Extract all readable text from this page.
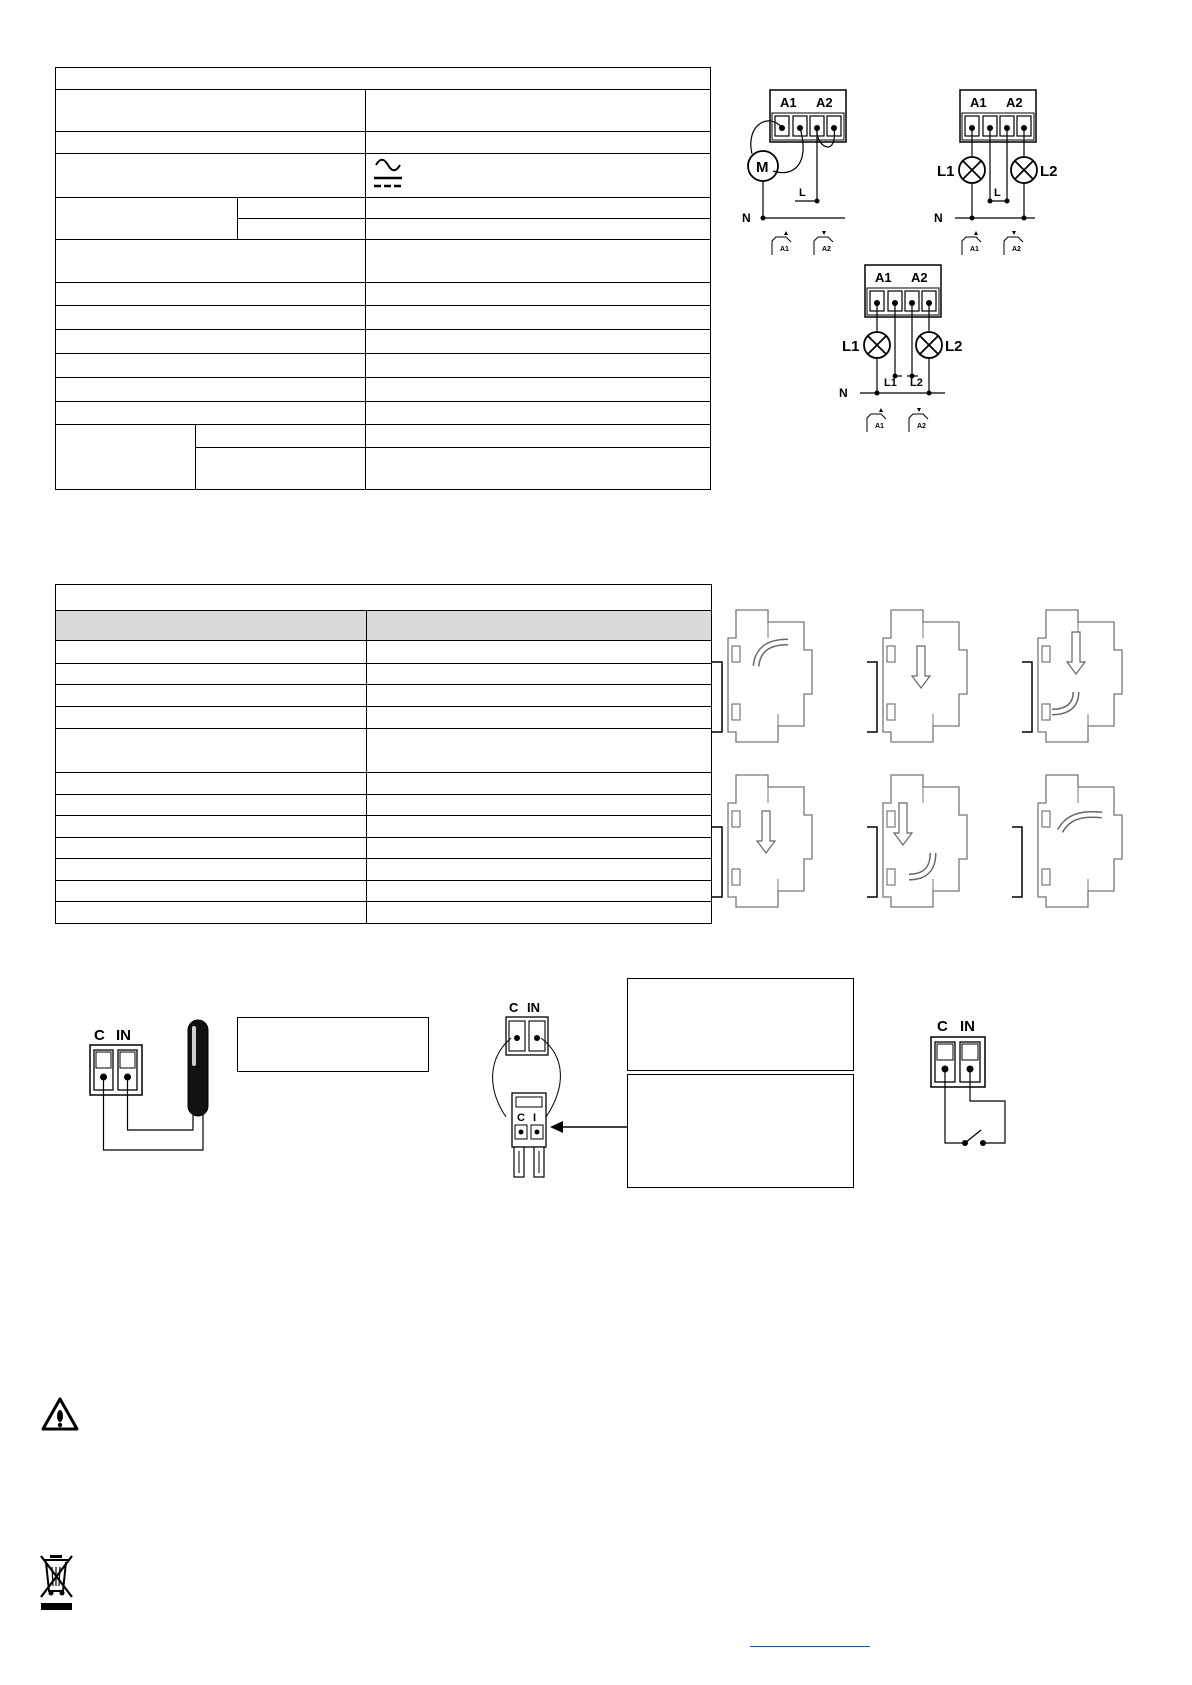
A1 A2
M
L
N
A1	A2
A1 A2
L1	L2
L
N
A1	A2
A1 A2
L1	L2
L1 L2
N
A1	A2
C IN
C IN
C I
C IN
